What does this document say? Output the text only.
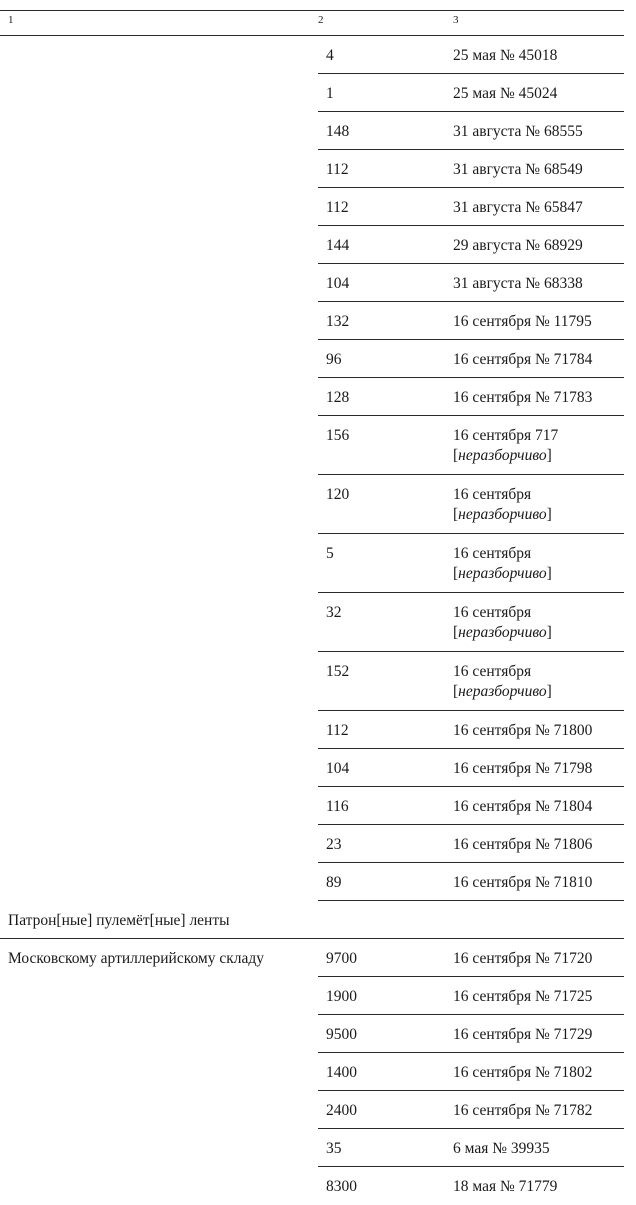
1	2	3
	4	25 мая № 45018
	1	25 мая № 45024
	148	31 августа № 68555
	112	31 августа № 68549
	112	31 августа № 65847
	144	29 августа № 68929
	104	31 августа № 68338
	132	16 сентября № 11795
	96	16 сентября № 71784
	128	16 сентября № 71783
	156	16 сентября 717
[неразборчиво]
	120	16 сентября
[неразборчиво]
	5	16 сентября
[неразборчиво]
	32	16 сентября
[неразборчиво]
	152	16 сентября
[неразборчиво]
	112	16 сентября № 71800
	104	16 сентября № 71798
	116	16 сентября № 71804
	23	16 сентября № 71806
	89	16 сентября № 71810
Патрон[ные] пулемёт[ные] ленты		
Московскому артиллерийскому складу	9700	16 сентября № 71720
	1900	16 сентября № 71725
	9500	16 сентября № 71729
	1400	16 сентября № 71802
	2400	16 сентября № 71782
	35	6 мая № 39935
	8300	18 мая № 71779
